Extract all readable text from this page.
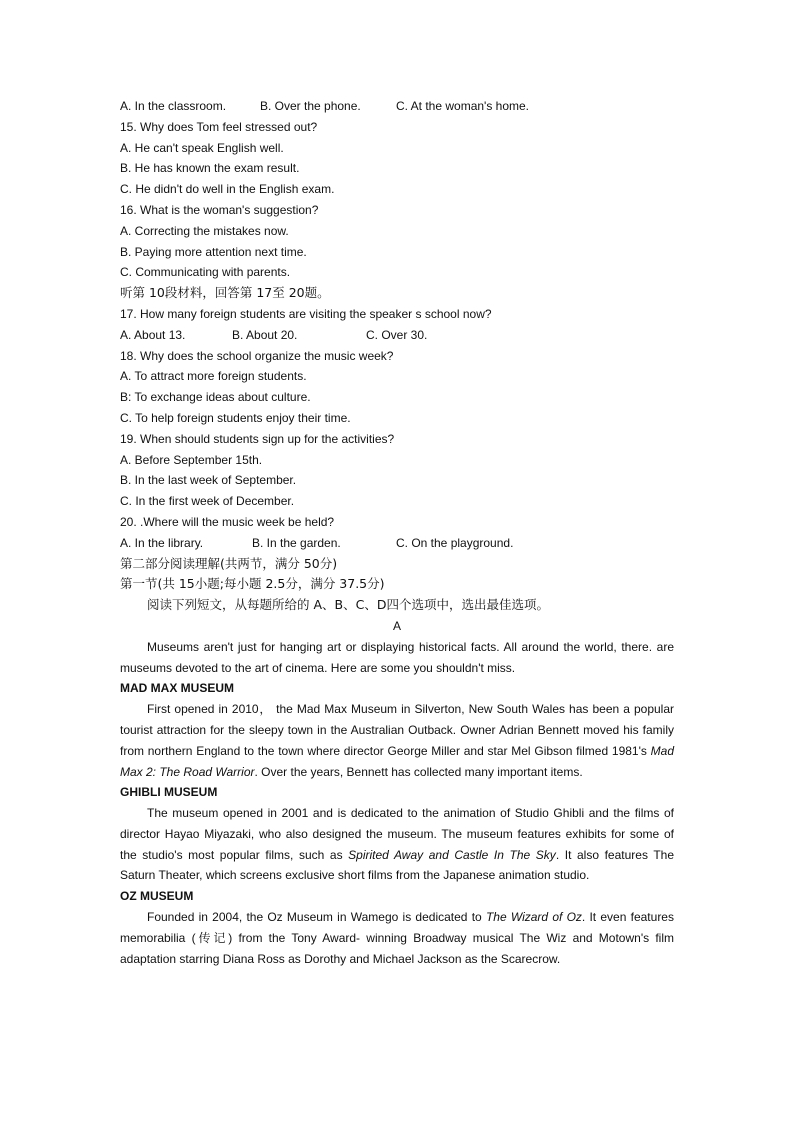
A. In the classroom.	B. Over the phone.	C. At the woman's home.
15. Why does Tom feel stressed out?
A. He can't speak English well.
B. He has known the exam result.
C. He didn't do well in the English exam.
16. What is the woman's suggestion?
A. Correcting the mistakes now.
B. Paying more attention next time.
C. Communicating with parents.
听第 10段材料，回答第 17至 20题。
17. How many foreign students are visiting the speaker s school now?
A. About 13.	B. About 20.	C. Over 30.
18. Why does the school organize the music week?
A. To attract more foreign students.
B: To exchange ideas about culture.
C. To help foreign students enjoy their time.
19. When should students sign up for the activities?
A. Before September 15th.
B. In the last week of September.
C. In the first week of December.
20. .Where will the music week be held?
A. In the library.	B. In the garden.	C. On the playground.
第二部分阅读理解(共两节，满分 50分)
第一节(共 15小题;每小题 2.5分，满分 37.5分)
阅读下列短文，从每题所给的 A、B、C、D四个选项中，选出最佳选项。
A

Museums aren't just for hanging art or displaying historical facts. All around the world, there. are museums devoted to the art of cinema. Here are some you shouldn't miss.

MAD MAX MUSEUM

First opened in 2010， the Mad Max Museum in Silverton, New South Wales has been a popular tourist attraction for the sleepy town in the Australian Outback. Owner Adrian Bennett moved his family from northern England to the town where director George Miller and star Mel Gibson filmed 1981's Mad Max 2: The Road Warrior. Over the years, Bennett has collected many important items.

GHIBLI MUSEUM

The museum opened in 2001 and is dedicated to the animation of Studio Ghibli and the films of director Hayao Miyazaki, who also designed the museum. The museum features exhibits for some of the studio's most popular films, such as Spirited Away and Castle In The Sky. It also features The Saturn Theater, which screens exclusive short films from the Japanese animation studio.

OZ MUSEUM

Founded in 2004, the Oz Museum in Wamego is dedicated to The Wizard of Oz. It even features memorabilia (传记) from the Tony Award- winning Broadway musical The Wiz and Motown's film adaptation starring Diana Ross as Dorothy and Michael Jackson as the Scarecrow.
